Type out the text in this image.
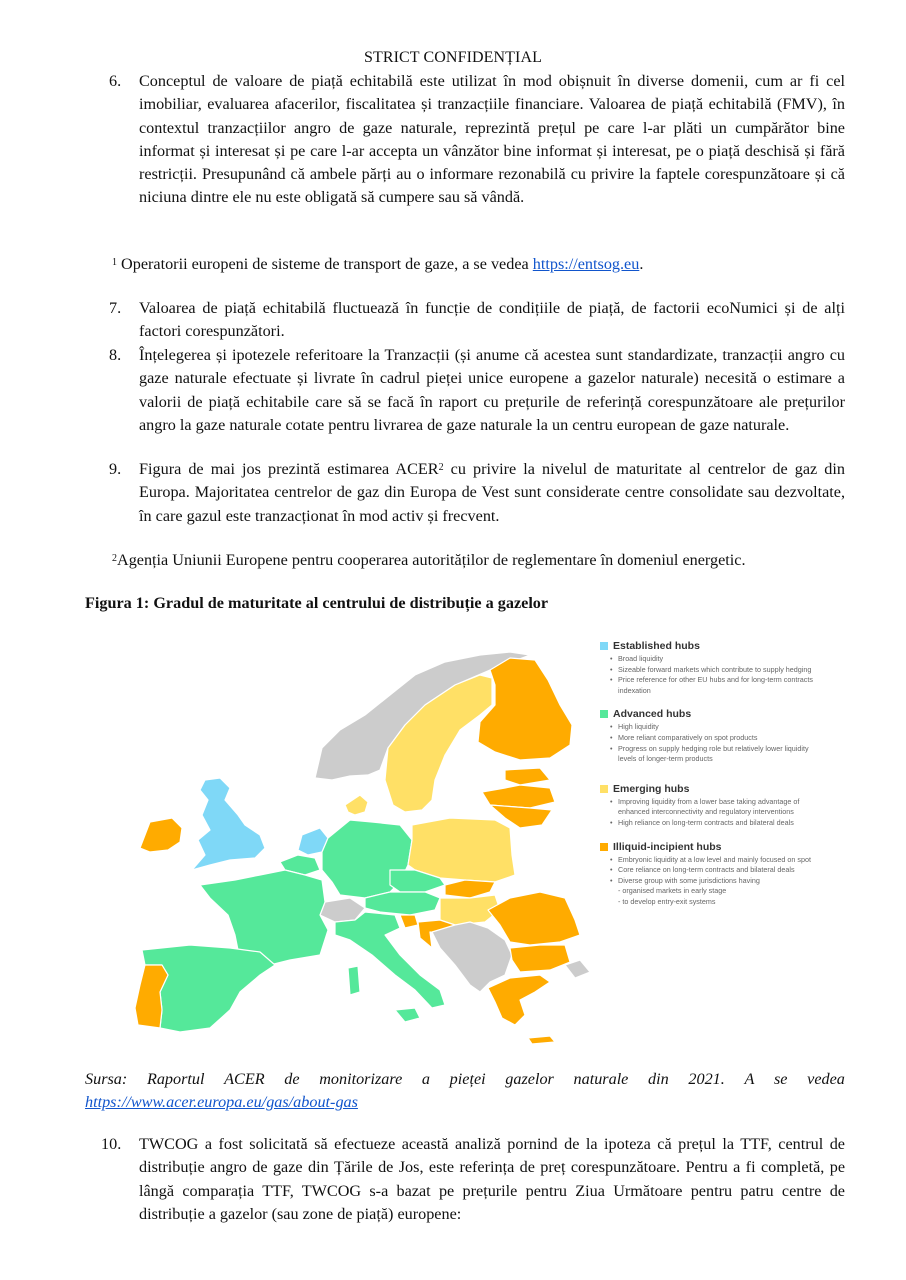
STRICT CONFIDENȚIAL
6. Conceptul de valoare de piață echitabilă este utilizat în mod obișnuit în diverse domenii, cum ar fi cel imobiliar, evaluarea afacerilor, fiscalitatea și tranzacțiile financiare. Valoarea de piață echitabilă (FMV), în contextul tranzacțiilor angro de gaze naturale, reprezintă prețul pe care l-ar plăti un cumpărător bine informat și interesat și pe care l-ar accepta un vânzător bine informat și interesat, pe o piață deschisă și fără restricții. Presupunând că ambele părți au o informare rezonabilă cu privire la faptele corespunzătoare și că niciuna dintre ele nu este obligată să cumpere sau să vândă.
$^1$ Operatorii europeni de sisteme de transport de gaze, a se vedea https://entsog.eu.
7. Valoarea de piață echitabilă fluctuează în funcție de condițiile de piață, de factorii ecoNumici și de alți factori corespunzători.
8. Înțelegerea și ipotezele referitoare la Tranzacții (și anume că acestea sunt standardizate, tranzacții angro cu gaze naturale efectuate și livrate în cadrul pieței unice europene a gazelor naturale) necesită o estimare a valorii de piață echitabile care să se facă în raport cu prețurile de referință corespunzătoare ale prețurilor angro la gaze naturale cotate pentru livrarea de gaze naturale la un centru european de gaze naturale.
9. Figura de mai jos prezintă estimarea ACER$^2$ cu privire la nivelul de maturitate al centrelor de gaz din Europa. Majoritatea centrelor de gaz din Europa de Vest sunt considerate centre consolidate sau dezvoltate, în care gazul este tranzacționat în mod activ și frecvent.
$^2$Agenția Uniunii Europene pentru cooperarea autorităților de reglementare în domeniul energetic.
Figura 1: Gradul de maturitate al centrului de distribuție a gazelor
Established hubs
• Broad liquidity
• Sizeable forward markets which contribute to supply hedging
• Price reference for other EU hubs and for long-term contracts indexation
Advanced hubs
• High liquidity
• More reliant comparatively on spot products
• Progress on supply hedging role but relatively lower liquidity levels of longer-term products
Emerging hubs
• Improving liquidity from a lower base taking advantage of enhanced interconnectivity and regulatory interventions
• High reliance on long-term contracts and bilateral deals
Illiquid-incipient hubs
• Embryonic liquidity at a low level and mainly focused on spot
• Core reliance on long-term contracts and bilateral deals
• Diverse group with some jurisdictions having
- organised markets in early stage
- to develop entry-exit systems
Sursa: Raportul ACER de monitorizare a pieței gazelor naturale din 2021. A se vedea
https://www.acer.europa.eu/gas/about-gas
10. TWCOG a fost solicitată să efectueze această analiză pornind de la ipoteza că prețul la TTF, centrul de distribuție angro de gaze din Țările de Jos, este referința de preț corespunzătoare. Pentru a fi completă, pe lângă comparația TTF, TWCOG s-a bazat pe prețurile pentru Ziua Următoare pentru patru centre de distribuție a gazelor (sau zone de piață) europene:
